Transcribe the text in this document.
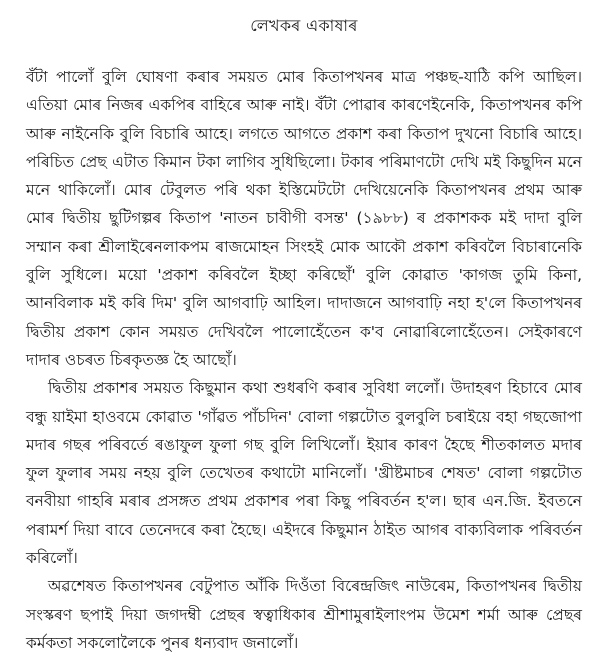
লেখকৰ একাষাৰ

বঁটা পালোঁ বুলি ঘোষণা কৰাৰ সময়ত মোৰ কিতাপখনৰ মাত্ৰ পঞ্চছ-যাঠি কপি আছিল। এতিয়া মোৰ নিজৰ একপিৰ বাহিৰে আৰু নাই। বঁটা পোৱাৰ কাৰণেইনেকি, কিতাপখনৰ কপি আৰু নাইনেকি বুলি বিচাৰি আহে। লগতে আগতে প্ৰকাশ কৰা কিতাপ দুখনো বিচাৰি আহে। পৰিচিত প্ৰেছ এটাত কিমান টকা লাগিব সুধিছিলো। টকাৰ পৰিমাণটো দেখি মই কিছুদিন মনে মনে থাকিলোঁ। মোৰ টেবুলত পৰি থকা ইস্তিমেটটো দেখিয়েনেকি কিতাপখনৰ প্ৰথম আৰু মোৰ দ্বিতীয় ছুটিগল্পৰ কিতাপ 'নাতন চাবীগী বসন্ত' (১৯৮৮) ৰ প্ৰকাশকক মই দাদা বুলি সম্মান কৰা শ্ৰীলাইৰেনলাকপম ৰাজমোহন সিংহই মোক আকৌ প্ৰকাশ কৰিবলৈ বিচাৰানেকি বুলি সুধিলে। ময়ো 'প্ৰকাশ কৰিবলৈ ইচ্ছা কৰিছোঁ' বুলি কোৱাত 'কাগজ তুমি কিনা, আনবিলাক মই কৰি দিম' বুলি আগবাঢ়ি আহিল। দাদাজনে আগবাঢ়ি নহা হ'লে কিতাপখনৰ দ্বিতীয় প্ৰকাশ কোন সময়ত দেখিবলৈ পালোহেঁতেন ক'ব নোৱাৰিলোহেঁতেন। সেইকাৰণে দাদাৰ ওচৰত চিৰকৃতজ্ঞ হৈ আছোঁ।

দ্বিতীয় প্ৰকাশৰ সময়ত কিছুমান কথা শুধৰণি কৰাৰ সুবিধা ললোঁ। উদাহৰণ হিচাবে মোৰ বন্ধু য়াইমা হাওবমে কোৱাত 'গাঁৱত পাঁচদিন' বোলা গল্পটোত বুলবুলি চৰাইয়ে বহা গছজোপা মদাৰ গছৰ পৰিবৰ্তে ৰঙাফুল ফুলা গছ বুলি লিখিলোঁ। ইয়াৰ কাৰণ হৈছে শীতকালত মদাৰ ফুল ফুলাৰ সময় নহয় বুলি তেখেতৰ কথাটো মানিলোঁ। 'খ্ৰীষ্টমাচৰ শেষত' বোলা গল্পটোত বনবীয়া গাহৰি মৰাৰ প্ৰসঙ্গত প্ৰথম প্ৰকাশৰ পৰা কিছু পৰিবৰ্তন হ'ল। ছাৰ এন.জি. ইবতনে পৰামৰ্শ দিয়া বাবে তেনেদৰে কৰা হৈছে। এইদৰে কিছুমান ঠাইত আগৰ বাক্যবিলাক পৰিবৰ্তন কৰিলোঁ।

অৱশেষত কিতাপখনৰ বেটুপাত আঁকি দিওঁতা বিৰেন্দ্ৰজিৎ নাউৰেম, কিতাপখনৰ দ্বিতীয় সংস্কৰণ ছপাই দিয়া জগদম্বী প্ৰেছৰ স্বত্বাধিকাৰ শ্ৰীশামুৰাইলাংপম উমেশ শৰ্মা আৰু প্ৰেছৰ কৰ্মকতা সকলোলৈকে পুনৰ ধন্যবাদ জনালোঁ।
